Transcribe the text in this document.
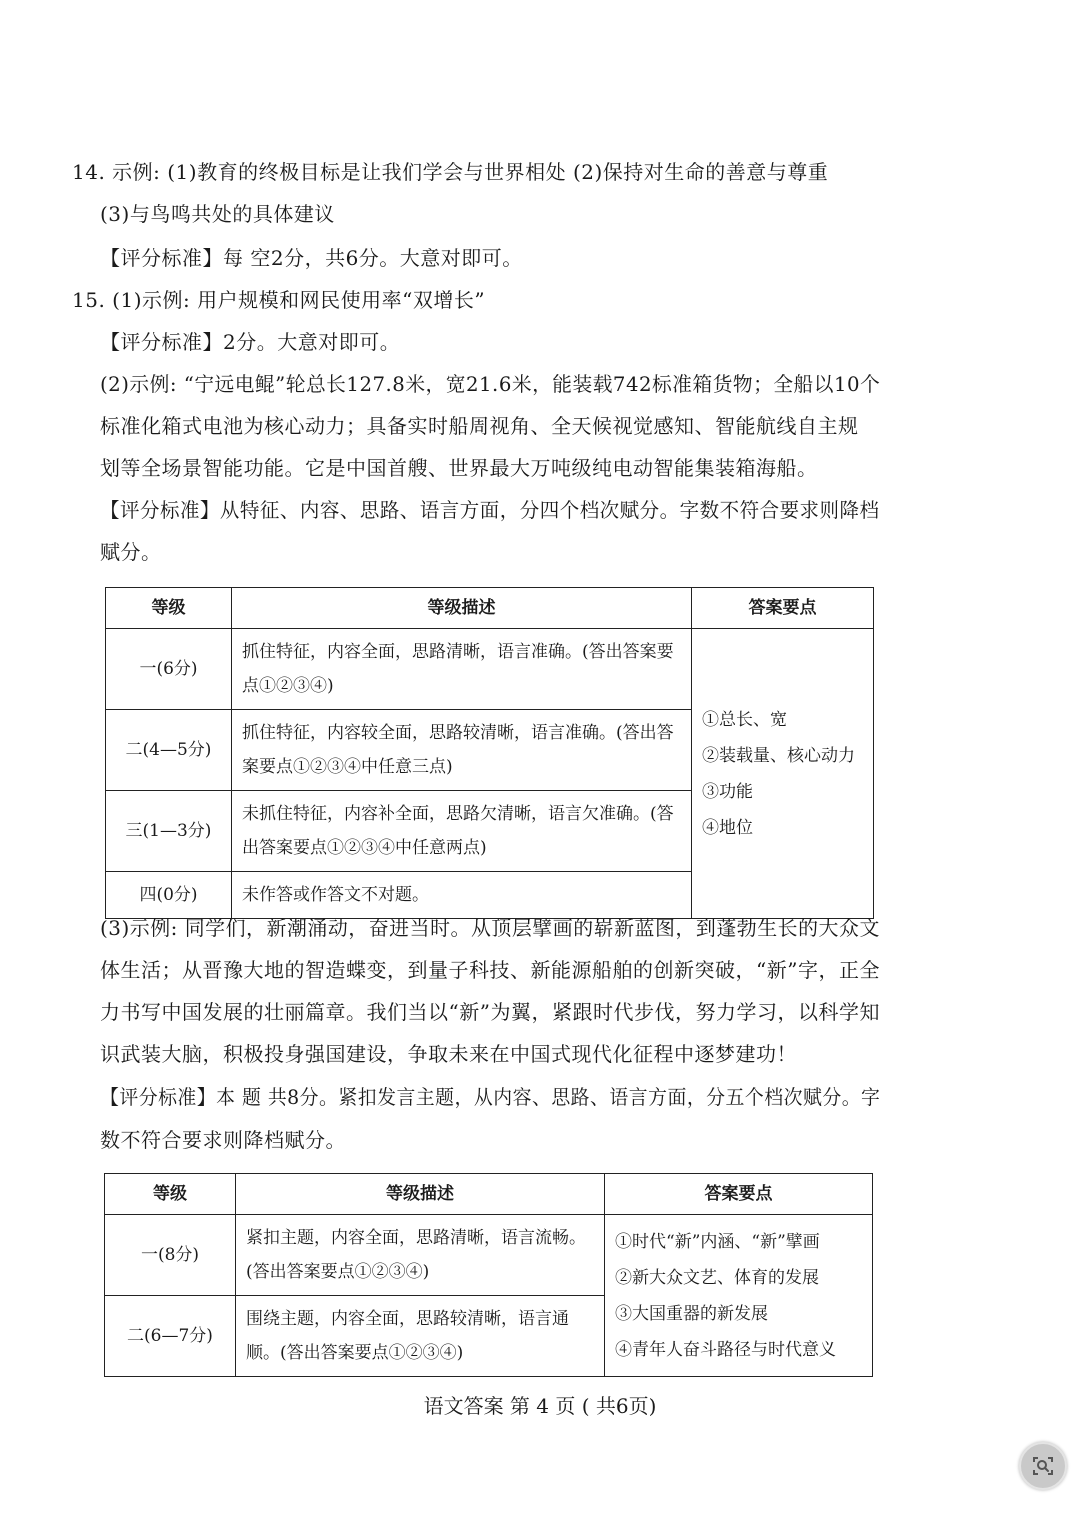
14. 示例: (1)教育的终极目标是让我们学会与世界相处 (2)保持对生命的善意与尊重
(3)与鸟鸣共处的具体建议
【评分标准】每 空2分，共6分。大意对即可。
15. (1)示例: 用户规模和网民使用率“双增长”
【评分标准】2分。大意对即可。
(2)示例: “宁远电鲲”轮总长127.8米，宽21.6米，能装载742标准箱货物；全船以10个
标准化箱式电池为核心动力；具备实时船周视角、全天候视觉感知、智能航线自主规
划等全场景智能功能。它是中国首艘、世界最大万吨级纯电动智能集装箱海船。
【评分标准】从特征、内容、思路、语言方面，分四个档次赋分。字数不符合要求则降档
赋分。
等级	等级描述	答案要点
一(6分)	抓住特征，内容全面，思路清晰，语言准确。(答出答案要点①②③④)	①总长、宽
②装载量、核心动力
③功能
④地位

二(4—5分)	抓住特征，内容较全面，思路较清晰，语言准确。(答出答案要点①②③④中任意三点)	
三(1—3分)	未抓住特征，内容补全面，思路欠清晰，语言欠准确。(答出答案要点①②③④中任意两点)	
四(0分)	未作答或作答文不对题。	
(3)示例: 同学们，新潮涌动，奋进当时。从顶层擘画的崭新蓝图，到蓬勃生长的大众文
体生活；从晋豫大地的智造蝶变，到量子科技、新能源船舶的创新突破，“新”字，正全
力书写中国发展的壮丽篇章。我们当以“新”为翼，紧跟时代步伐，努力学习，以科学知
识武装大脑，积极投身强国建设，争取未来在中国式现代化征程中逐梦建功！
【评分标准】本 题 共8分。紧扣发言主题，从内容、思路、语言方面，分五个档次赋分。字
数不符合要求则降档赋分。
等级	等级描述	答案要点
一(8分)	紧扣主题，内容全面，思路清晰，语言流畅。(答出答案要点①②③④)	①时代“新”内涵、“新”擘画
②新大众文艺、体育的发展
③大国重器的新发展
④青年人奋斗路径与时代意义

二(6—7分)	围绕主题，内容全面，思路较清晰，语言通顺。(答出答案要点①②③④)	
语文答案 第 4 页 ( 共6页)
